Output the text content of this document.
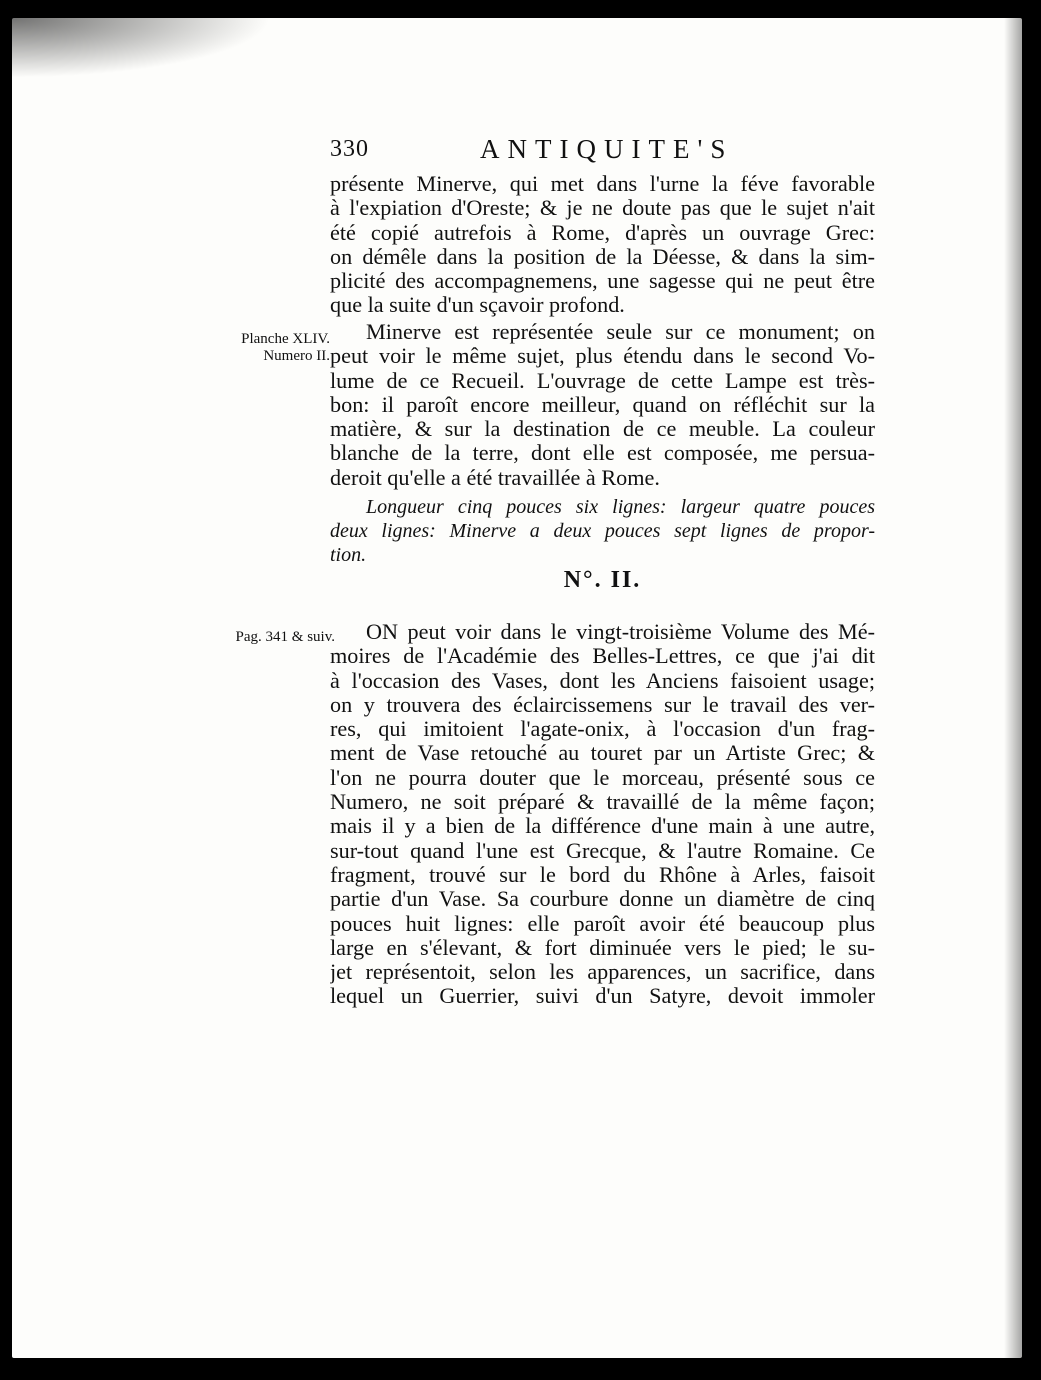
330	ANTIQUITE'S
présente Minerve, qui met dans l'urne la féve favorable
à l'expiation d'Oreste; & je ne doute pas que le sujet n'ait
été copié autrefois à Rome, d'après un ouvrage Grec:
on démêle dans la position de la Déesse, & dans la sim-
plicité des accompagnemens, une sagesse qui ne peut être
que la suite d'un sçavoir profond.
Planche XLIV.
Numero II.
Minerve est représentée seule sur ce monument; on
peut voir le même sujet, plus étendu dans le second Vo-
lume de ce Recueil. L'ouvrage de cette Lampe est très-
bon: il paroît encore meilleur, quand on réfléchit sur la
matière, & sur la destination de ce meuble. La couleur
blanche de la terre, dont elle est composée, me persua-
deroit qu'elle a été travaillée à Rome.
Longueur cinq pouces six lignes: largeur quatre pouces
deux lignes: Minerve a deux pouces sept lignes de propor-
tion.
N°. II.
Pag. 341 & suiv.	ON peut voir dans le vingt-troisième Volume des Mé-
moires de l'Académie des Belles-Lettres, ce que j'ai dit
à l'occasion des Vases, dont les Anciens faisoient usage;
on y trouvera des éclaircissemens sur le travail des ver-
res, qui imitoient l'agate-onix, à l'occasion d'un frag-
ment de Vase retouché au touret par un Artiste Grec; &
l'on ne pourra douter que le morceau, présenté sous ce
Numero, ne soit préparé & travaillé de la même façon;
mais il y a bien de la différence d'une main à une autre,
sur-tout quand l'une est Grecque, & l'autre Romaine. Ce
fragment, trouvé sur le bord du Rhône à Arles, faisoit
partie d'un Vase. Sa courbure donne un diamètre de cinq
pouces huit lignes: elle paroît avoir été beaucoup plus
large en s'élevant, & fort diminuée vers le pied; le su-
jet représentoit, selon les apparences, un sacrifice, dans
lequel un Guerrier, suivi d'un Satyre, devoit immoler
